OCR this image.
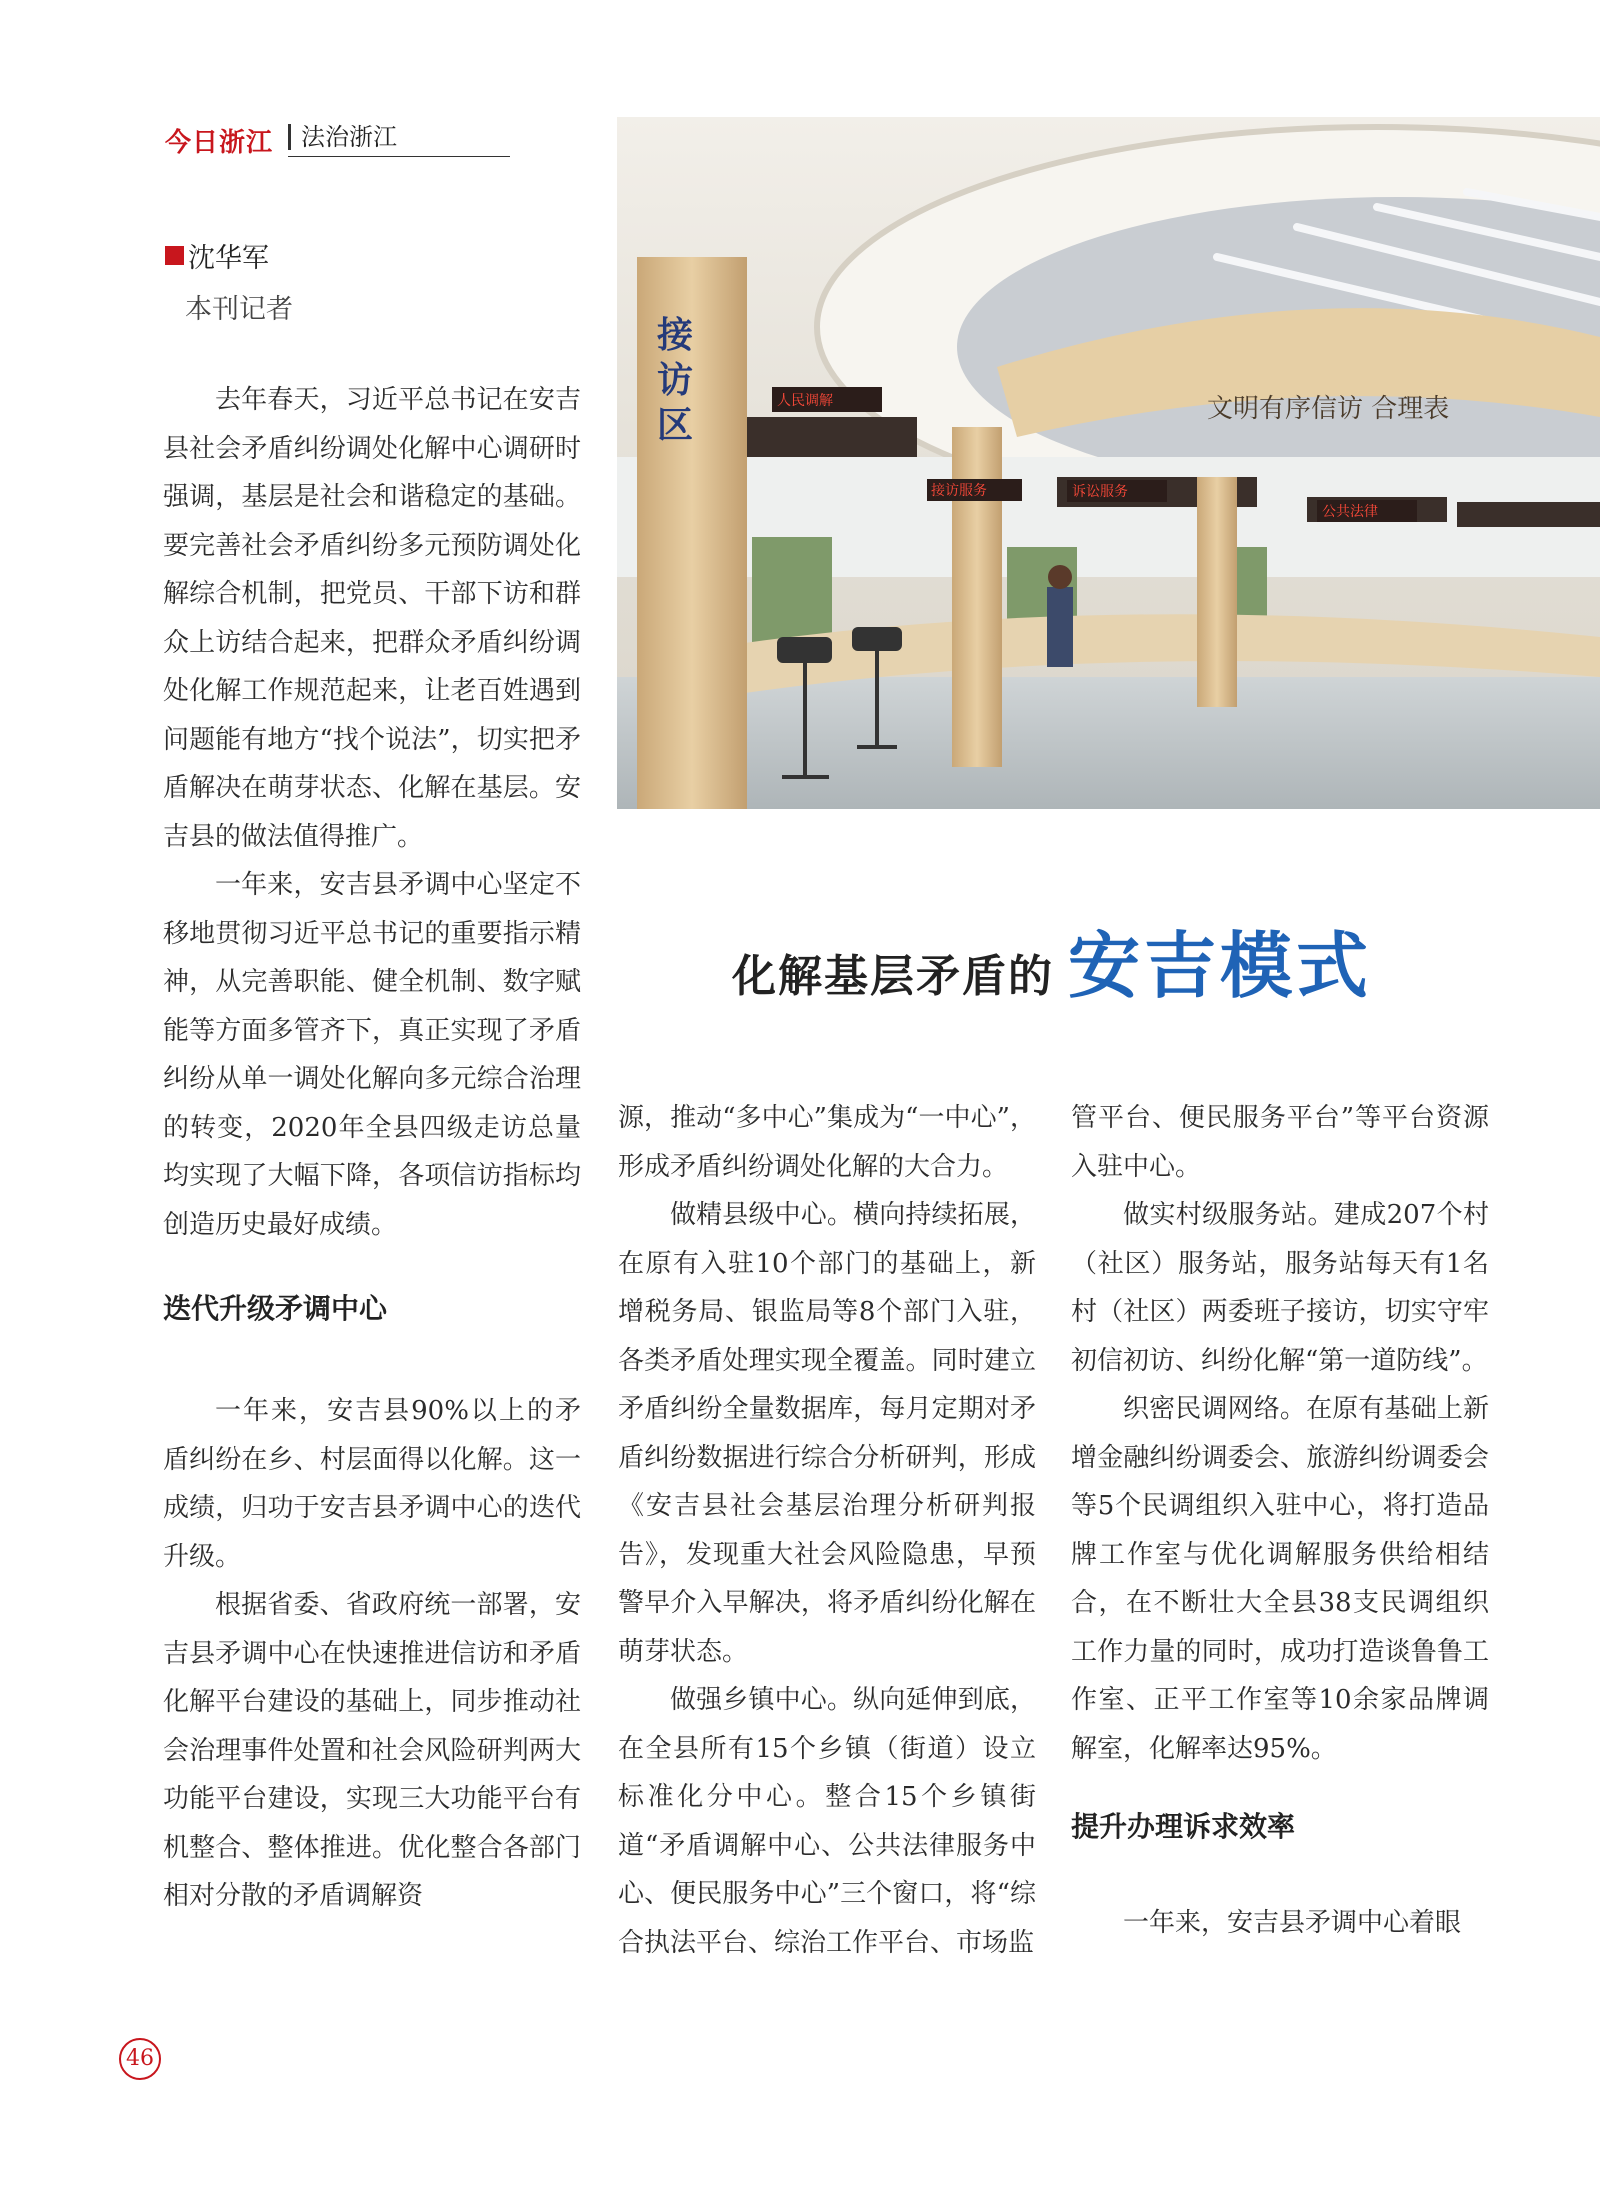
今日浙江	法治浙江
沈华军
本刊记者

去年春天，习近平总书记在安吉县社会矛盾纠纷调处化解中心调研时强调，基层是社会和谐稳定的基础。要完善社会矛盾纠纷多元预防调处化解综合机制，把党员、干部下访和群众上访结合起来，把群众矛盾纠纷调处化解工作规范起来，让老百姓遇到问题能有地方“找个说法”，切实把矛盾解决在萌芽状态、化解在基层。安吉县的做法值得推广。

一年来，安吉县矛调中心坚定不移地贯彻习近平总书记的重要指示精神，从完善职能、健全机制、数字赋能等方面多管齐下，真正实现了矛盾纠纷从单一调处化解向多元综合治理的转变，2020年全县四级走访总量均实现了大幅下降，各项信访指标均创造历史最好成绩。

迭代升级矛调中心

一年来，安吉县90%以上的矛盾纠纷在乡、村层面得以化解。这一成绩，归功于安吉县矛调中心的迭代升级。

根据省委、省政府统一部署，安吉县矛调中心在快速推进信访和矛盾化解平台建设的基础上，同步推动社会治理事件处置和社会风险研判两大功能平台建设，实现三大功能平台有机整合、整体推进。优化整合各部门相对分散的矛盾调解资

接
访
区	文明有序信访 合理表
人民调解
接访服务	诉讼服务
公共法律
化解基层矛盾的 安吉模式

源，推动“多中心”集成为“一中心”，形成矛盾纠纷调处化解的大合力。

做精县级中心。横向持续拓展，在原有入驻10个部门的基础上，新增税务局、银监局等8个部门入驻，各类矛盾处理实现全覆盖。同时建立矛盾纠纷全量数据库，每月定期对矛盾纠纷数据进行综合分析研判，形成《安吉县社会基层治理分析研判报告》，发现重大社会风险隐患，早预警早介入早解决，将矛盾纠纷化解在萌芽状态。

做强乡镇中心。纵向延伸到底，在全县所有15个乡镇（街道）设立标准化分中心。整合15个乡镇街道“矛盾调解中心、公共法律服务中心、便民服务中心”三个窗口，将“综合执法平台、综治工作平台、市场监

管平台、便民服务平台”等平台资源入驻中心。

做实村级服务站。建成207个村（社区）服务站，服务站每天有1名村（社区）两委班子接访，切实守牢初信初访、纠纷化解“第一道防线”。

织密民调网络。在原有基础上新增金融纠纷调委会、旅游纠纷调委会等5个民调组织入驻中心，将打造品牌工作室与优化调解服务供给相结合，在不断壮大全县38支民调组织工作力量的同时，成功打造谈鲁鲁工作室、正平工作室等10余家品牌调解室，化解率达95%。

提升办理诉求效率

一年来，安吉县矛调中心着眼

46
